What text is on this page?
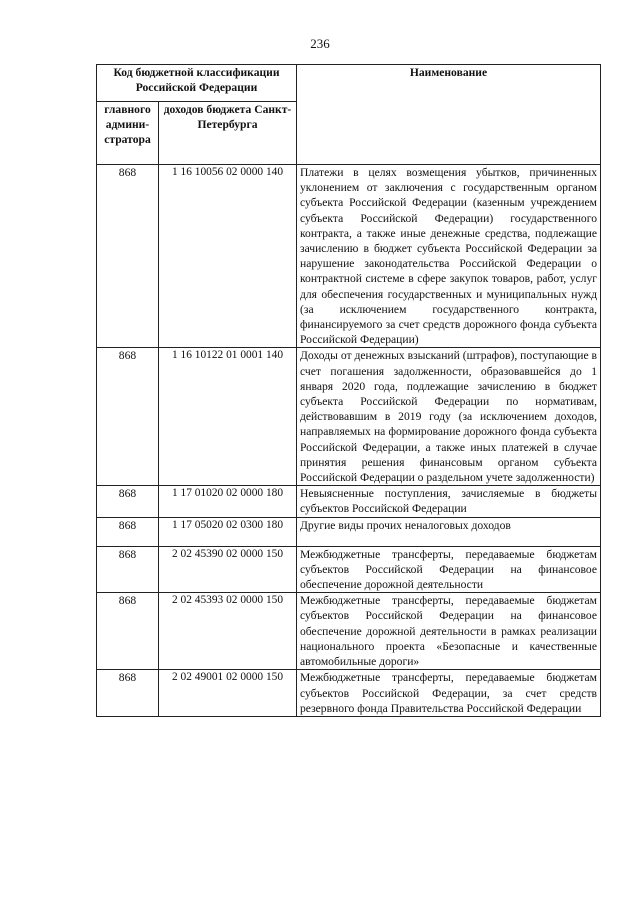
236
Код бюджетной классификации Российской Федерации		Наименование
главного админи-стратора	доходов бюджета Санкт-Петербурга	
868	1 16 10056 02 0000 140	Платежи в целях возмещения убытков, причиненных уклонением от заключения с государственным органом субъекта Российской Федерации (казенным учреждением субъекта Российской Федерации) государственного контракта, а также иные денежные средства, подлежащие зачислению в бюджет субъекта Российской Федерации за нарушение законодательства Российской Федерации о контрактной системе в сфере закупок товаров, работ, услуг для обеспечения государственных и муниципальных нужд (за исключением государственного контракта, финансируемого за счет средств дорожного фонда субъекта Российской Федерации)
868	1 16 10122 01 0001 140	Доходы от денежных взысканий (штрафов), поступающие в счет погашения задолженности, образовавшейся до 1 января 2020 года, подлежащие зачислению в бюджет субъекта Российской Федерации по нормативам, действовавшим в 2019 году (за исключением доходов, направляемых на формирование дорожного фонда субъекта Российской Федерации, а также иных платежей в случае принятия решения финансовым органом субъекта Российской Федерации о раздельном учете задолженности)
868	1 17 01020 02 0000 180	Невыясненные поступления, зачисляемые в бюджеты субъектов Российской Федерации
868	1 17 05020 02 0300 180	Другие виды прочих неналоговых доходов
868	2 02 45390 02 0000 150	Межбюджетные трансферты, передаваемые бюджетам субъектов Российской Федерации на финансовое обеспечение дорожной деятельности
868	2 02 45393 02 0000 150	Межбюджетные трансферты, передаваемые бюджетам субъектов Российской Федерации на финансовое обеспечение дорожной деятельности в рамках реализации национального проекта «Безопасные и качественные автомобильные дороги»
868	2 02 49001 02 0000 150	Межбюджетные трансферты, передаваемые бюджетам субъектов Российской Федерации, за счет средств резервного фонда Правительства Российской Федерации
